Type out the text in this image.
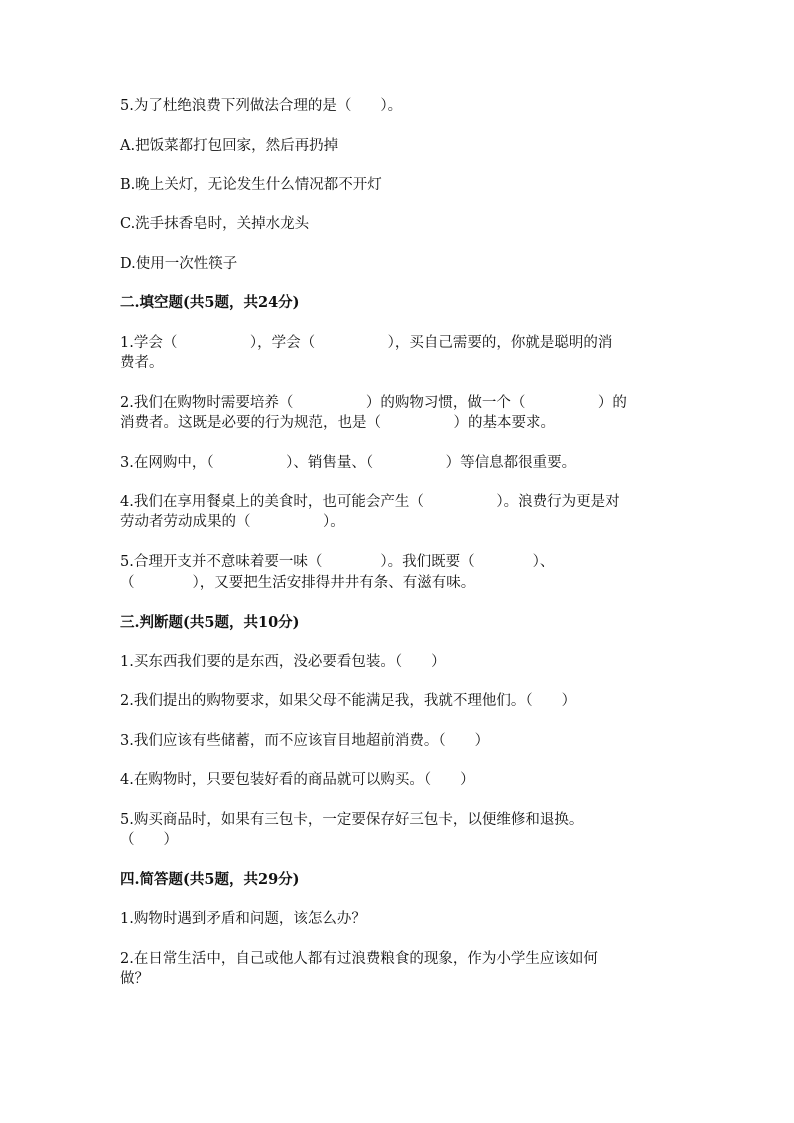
5.为了杜绝浪费下列做法合理的是（　　）。
A.把饭菜都打包回家，然后再扔掉
B.晚上关灯，无论发生什么情况都不开灯
C.洗手抹香皂时，关掉水龙头
D.使用一次性筷子
二.填空题(共5题，共24分)
1.学会（　　　　　），学会（　　　　　），买自己需要的，你就是聪明的消
费者。
2.我们在购物时需要培养（　　　　　）的购物习惯，做一个（　　　　　）的
消费者。这既是必要的行为规范，也是（　　　　　）的基本要求。
3.在网购中，（　　　　　）、销售量、（　　　　　）等信息都很重要。
4.我们在享用餐桌上的美食时，也可能会产生（　　　　　）。浪费行为更是对
劳动者劳动成果的（　　　　　）。
5.合理开支并不意味着要一味（　　　　）。我们既要（　　　　）、
（　　　　），又要把生活安排得井井有条、有滋有味。
三.判断题(共5题，共10分)
1.买东西我们要的是东西，没必要看包装。（　　）
2.我们提出的购物要求，如果父母不能满足我，我就不理他们。（　　）
3.我们应该有些储蓄，而不应该盲目地超前消费。（　　）
4.在购物时，只要包装好看的商品就可以购买。（　　）
5.购买商品时，如果有三包卡，一定要保存好三包卡，以便维修和退换。
（　　）
四.简答题(共5题，共29分)
1.购物时遇到矛盾和问题，该怎么办？
2.在日常生活中，自己或他人都有过浪费粮食的现象，作为小学生应该如何
做？
